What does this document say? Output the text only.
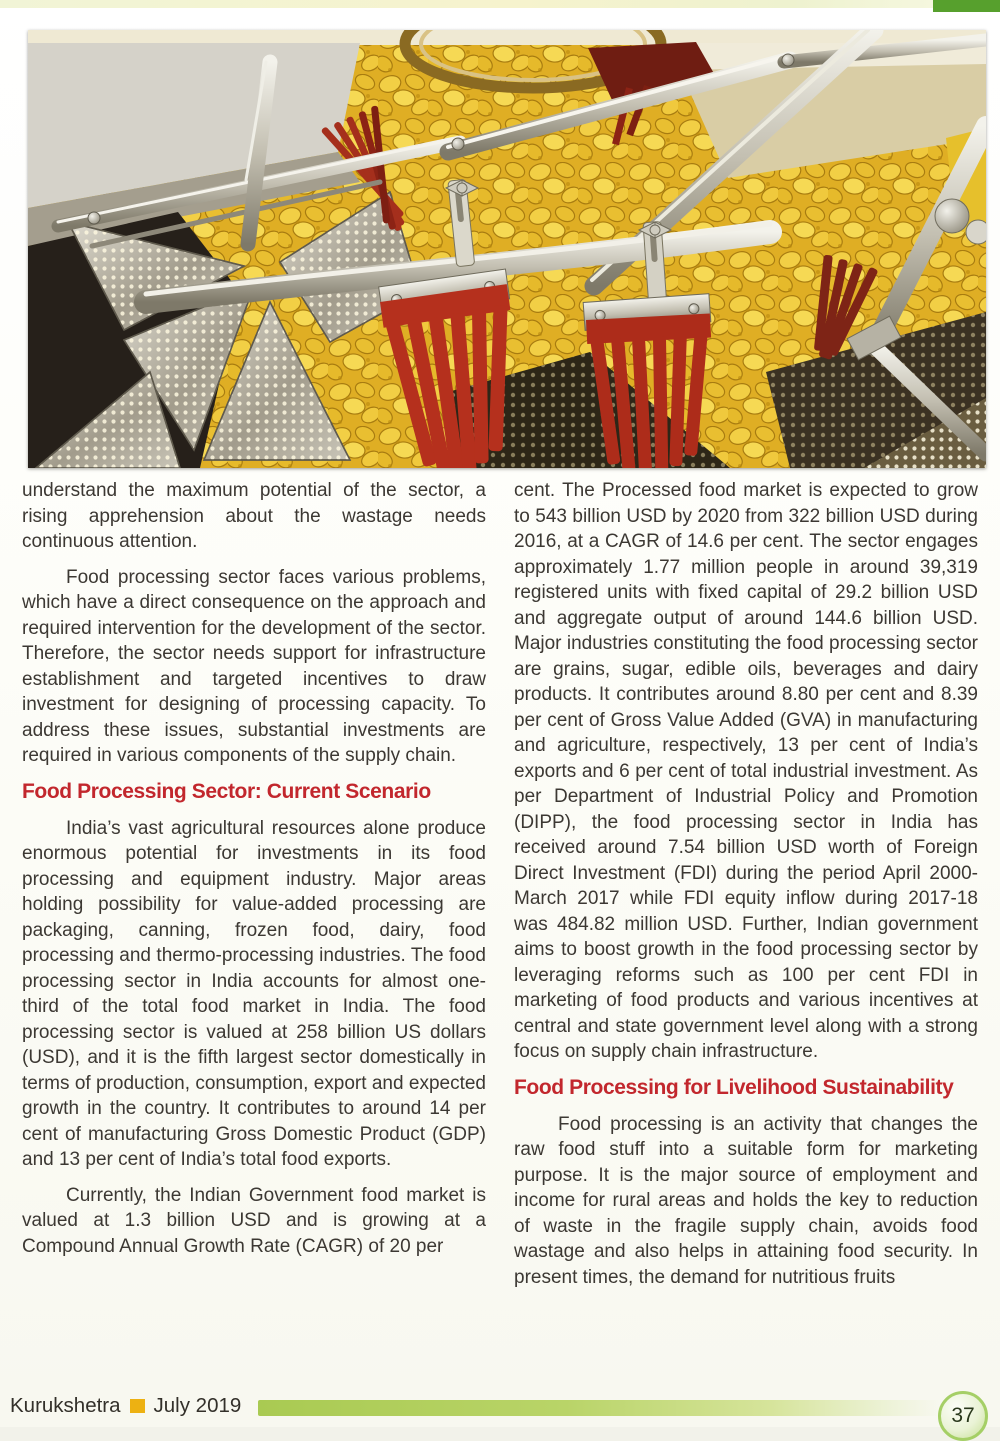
understand the maximum potential of the sector, a rising apprehension about the wastage needs continuous attention.

Food processing sector faces various problems, which have a direct consequence on the approach and required intervention for the development of the sector. Therefore, the sector needs support for infrastructure establishment and targeted incentives to draw investment for designing of processing capacity. To address these issues, substantial investments are required in various components of the supply chain.

Food Processing Sector: Current Scenario

India’s vast agricultural resources alone produce enormous potential for investments in its food processing and equipment industry. Major areas holding possibility for value-added processing are packaging, canning, frozen food, dairy, food processing and thermo-processing industries. The food processing sector in India accounts for almost one-third of the total food market in India. The food processing sector is valued at 258 billion US dollars (USD), and it is the fifth largest sector domestically in terms of production, consumption, export and expected growth in the country. It contributes to around 14 per cent of manufacturing Gross Domestic Product (GDP) and 13 per cent of India’s total food exports.

Currently, the Indian Government food market is valued at 1.3 billion USD and is growing at a Compound Annual Growth Rate (CAGR) of 20 per

cent. The Processed food market is expected to grow to 543 billion USD by 2020 from 322 billion USD during 2016, at a CAGR of 14.6 per cent. The sector engages approximately 1.77 million people in around 39,319 registered units with fixed capital of 29.2 billion USD and aggregate output of around 144.6 billion USD. Major industries constituting the food processing sector are grains, sugar, edible oils, beverages and dairy products. It contributes around 8.80 per cent and 8.39 per cent of Gross Value Added (GVA) in manufacturing and agriculture, respectively, 13 per cent of India’s exports and 6 per cent of total industrial investment. As per Department of Industrial Policy and Promotion (DIPP), the food processing sector in India has received around 7.54 billion USD worth of Foreign Direct Investment (FDI) during the period April 2000-March 2017 while FDI equity inflow during 2017-18 was 484.82 million USD. Further, Indian government aims to boost growth in the food processing sector by leveraging reforms such as 100 per cent FDI in marketing of food products and various incentives at central and state government level along with a strong focus on supply chain infrastructure.

Food Processing for Livelihood Sustainability

Food processing is an activity that changes the raw food stuff into a suitable form for marketing purpose. It is the major source of employment and income for rural areas and holds the key to reduction of waste in the fragile supply chain, avoids food wastage and also helps in attaining food security. In present times, the demand for nutritious fruits

Kurukshetra July 2019	37
